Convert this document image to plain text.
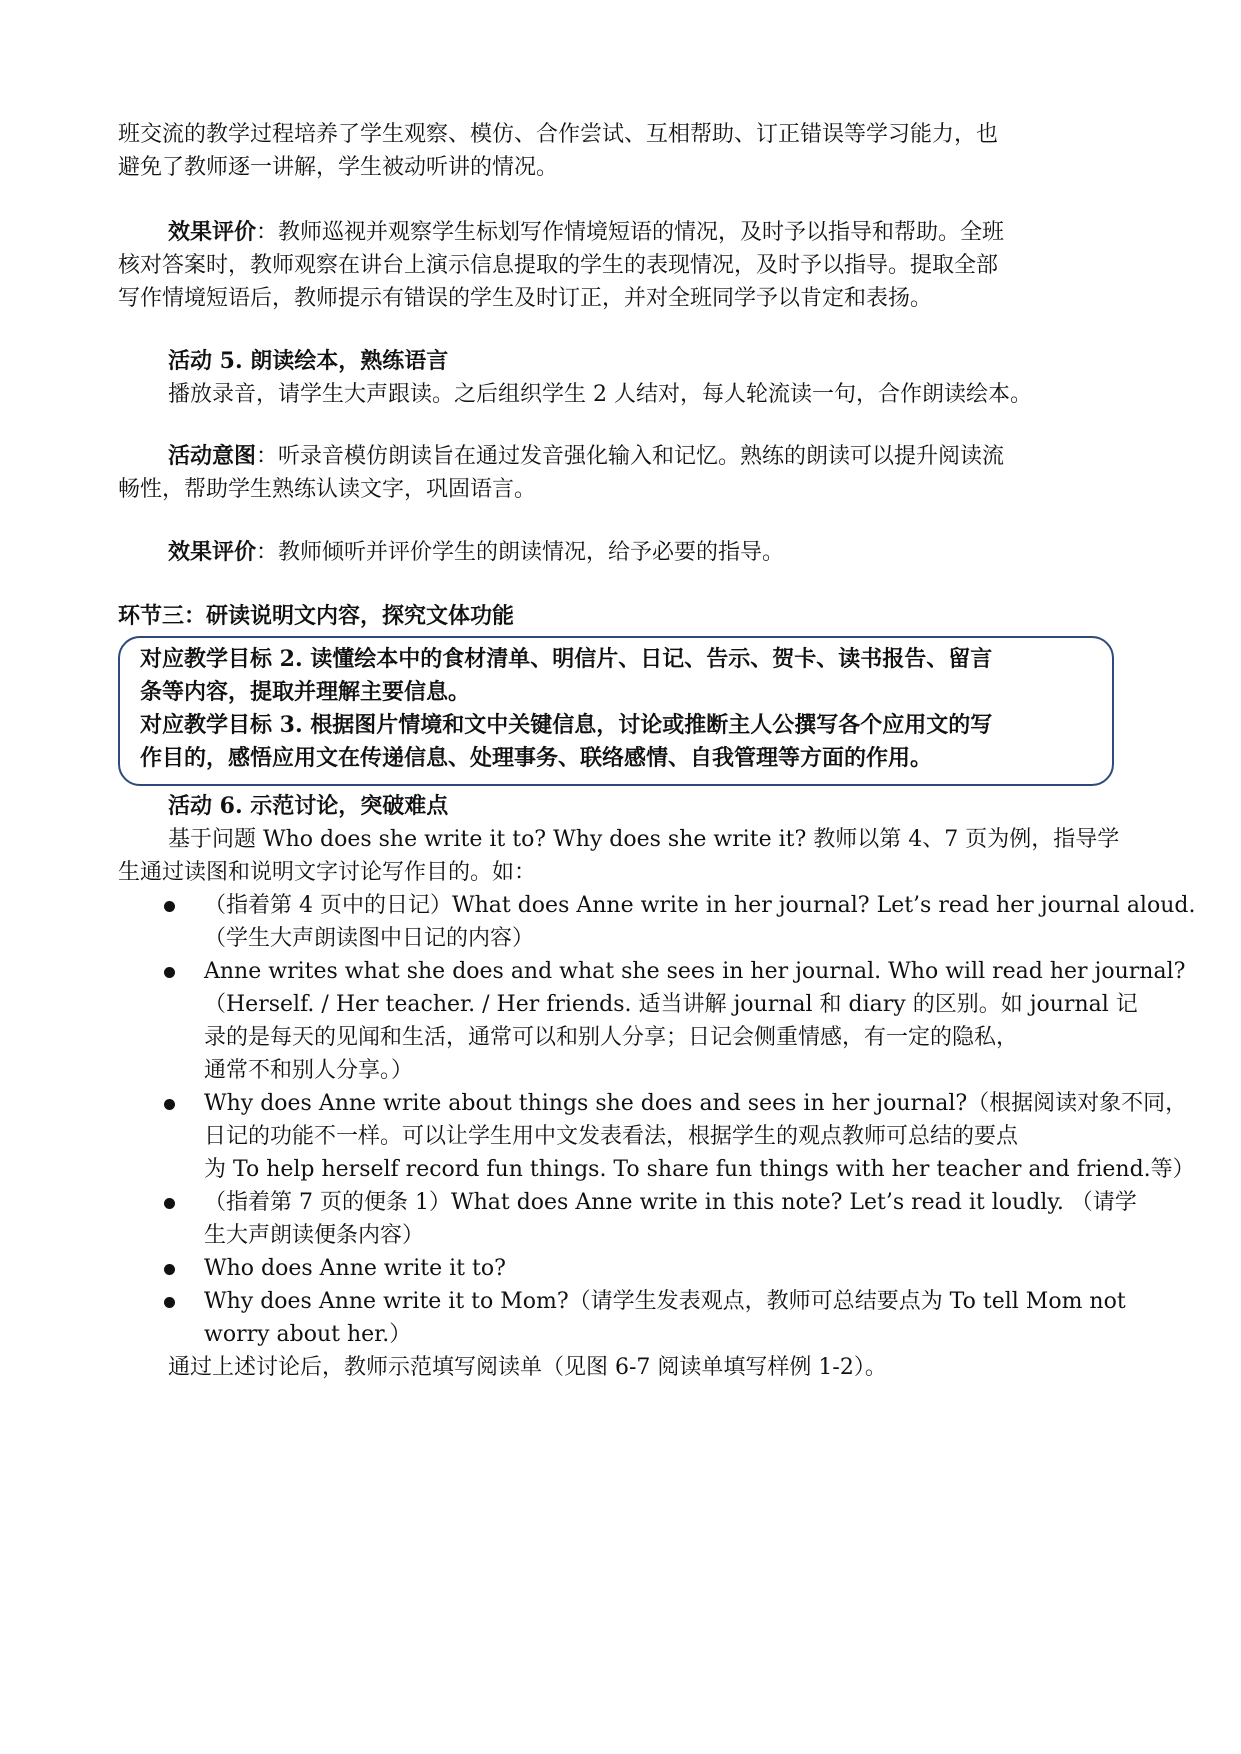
班交流的教学过程培养了学生观察、模仿、合作尝试、互相帮助、订正错误等学习能力，也
避免了教师逐一讲解，学生被动听讲的情况。
效果评价：教师巡视并观察学生标划写作情境短语的情况，及时予以指导和帮助。全班
核对答案时，教师观察在讲台上演示信息提取的学生的表现情况，及时予以指导。提取全部
写作情境短语后，教师提示有错误的学生及时订正，并对全班同学予以肯定和表扬。
活动 5. 朗读绘本，熟练语言
播放录音，请学生大声跟读。之后组织学生 2 人结对，每人轮流读一句，合作朗读绘本。
活动意图：听录音模仿朗读旨在通过发音强化输入和记忆。熟练的朗读可以提升阅读流
畅性，帮助学生熟练认读文字，巩固语言。
效果评价：教师倾听并评价学生的朗读情况，给予必要的指导。
环节三：研读说明文内容，探究文体功能
对应教学目标 2. 读懂绘本中的食材清单、明信片、日记、告示、贺卡、读书报告、留言
条等内容，提取并理解主要信息。
对应教学目标 3. 根据图片情境和文中关键信息，讨论或推断主人公撰写各个应用文的写
作目的，感悟应用文在传递信息、处理事务、联络感情、自我管理等方面的作用。
活动 6. 示范讨论，突破难点
基于问题 Who does she write it to? Why does she write it? 教师以第 4、7 页为例，指导学
生通过读图和说明文字讨论写作目的。如：
（指着第 4 页中的日记）What does Anne write in her journal? Let’s read her journal aloud.
（学生大声朗读图中日记的内容）
Anne writes what she does and what she sees in her journal. Who will read her journal?
（Herself. / Her teacher. / Her friends. 适当讲解 journal 和 diary 的区别。如 journal 记
录的是每天的见闻和生活，通常可以和别人分享；日记会侧重情感，有一定的隐私，
通常不和别人分享。）
Why does Anne write about things she does and sees in her journal?（根据阅读对象不同，
日记的功能不一样。可以让学生用中文发表看法，根据学生的观点教师可总结的要点
为 To help herself record fun things. To share fun things with her teacher and friend.等）
（指着第 7 页的便条 1）What does Anne write in this note? Let’s read it loudly. （请学
生大声朗读便条内容）
Who does Anne write it to?
Why does Anne write it to Mom?（请学生发表观点，教师可总结要点为 To tell Mom not
worry about her.）
通过上述讨论后，教师示范填写阅读单（见图 6-7 阅读单填写样例 1-2）。
